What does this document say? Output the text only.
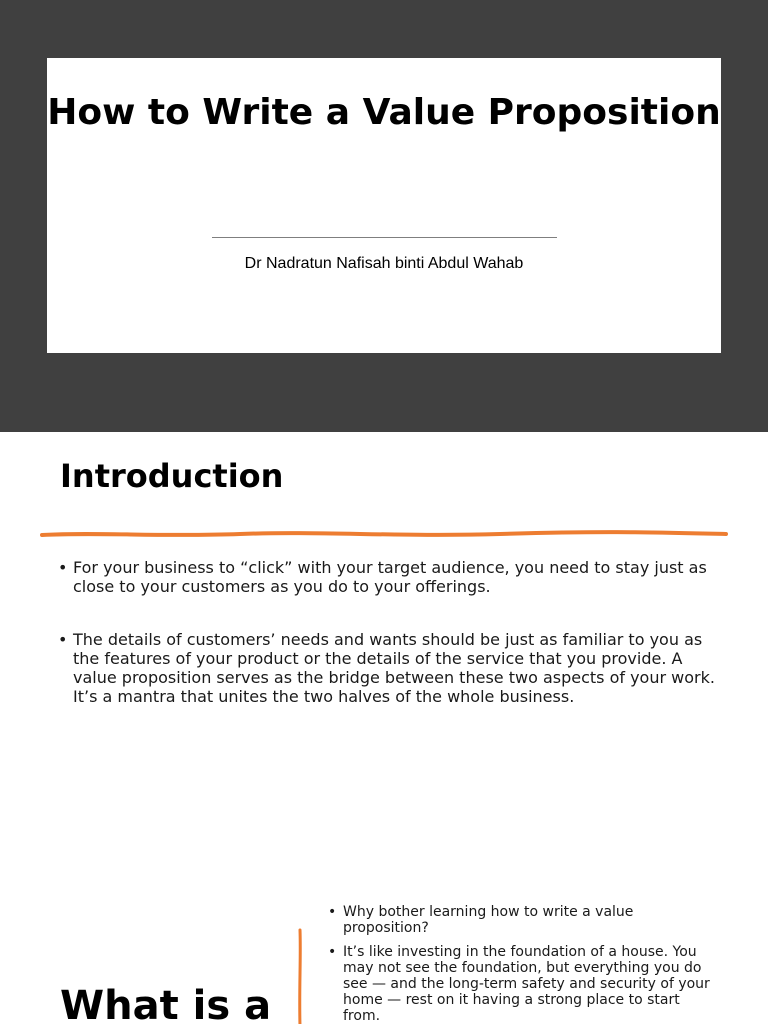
How to Write a Value Proposition
Dr Nadratun Nafisah binti Abdul Wahab
Introduction
• For your business to “click” with your target audience, you need to stay just as close to your customers as you do to your offerings.
• The details of customers’ needs and wants should be just as familiar to you as the features of your product or the details of the service that you provide. A value proposition serves as the bridge between these two aspects of your work. It’s a mantra that unites the two halves of the whole business.
What is a
• Why bother learning how to write a value proposition?
• It’s like investing in the foundation of a house. You may not see the foundation, but everything you do see — and the long-term safety and security of your home — rest on it having a strong place to start from.
